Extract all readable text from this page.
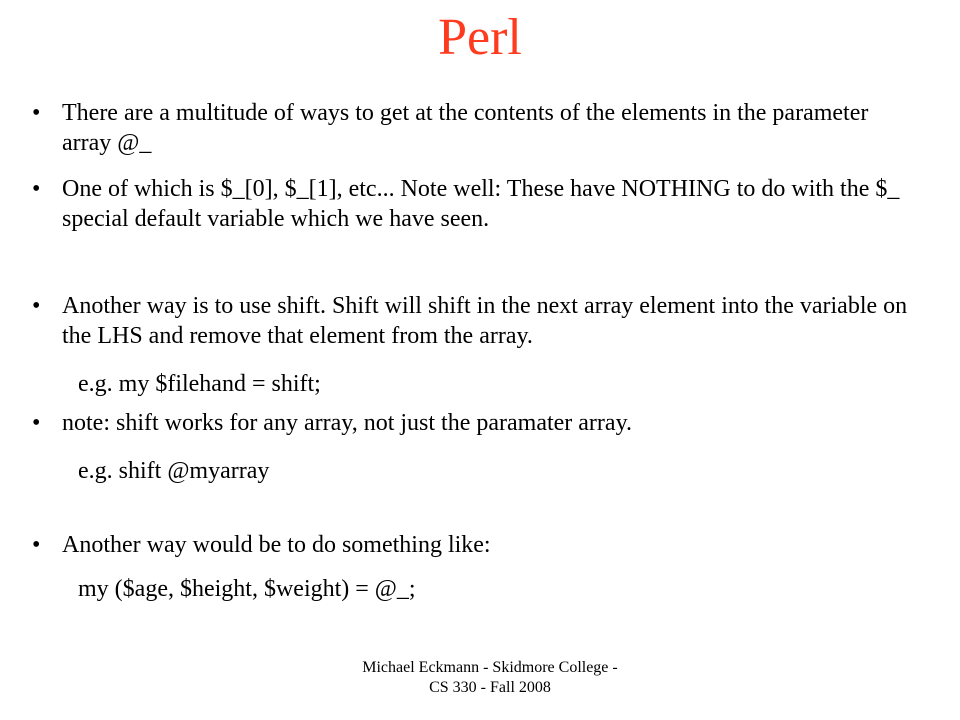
Perl
• There are a multitude of ways to get at the contents of the elements in the parameter array @_
• One of which is $_[0], $_[1], etc... Note well: These have NOTHING to do with the $_ special default variable which we have seen.
• Another way is to use shift. Shift will shift in the next array element into the variable on the LHS and remove that element from the array.
e.g. my $filehand = shift;
• note: shift works for any array, not just the paramater array.
e.g. shift @myarray
• Another way would be to do something like:
my ($age, $height, $weight) = @_;
Michael Eckmann - Skidmore College - CS 330 - Fall 2008
